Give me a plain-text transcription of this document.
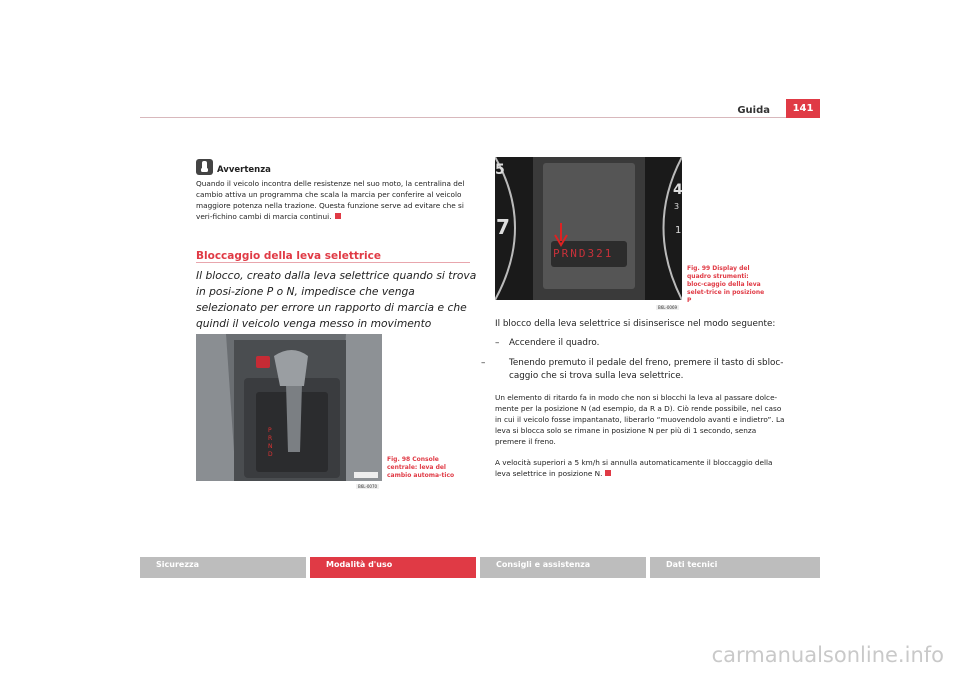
Guida	141
Avvertenza
Quando il veicolo incontra delle resistenze nel suo moto, la centralina del cambio attiva un programma che scala la marcia per conferire al veicolo maggiore potenza nella trazione. Questa funzione serve ad evitare che si veri-fichino cambi di marcia continui.
Bloccaggio della leva selettrice
Il blocco, creato dalla leva selettrice quando si trova in posi-zione P o N, impedisce che venga selezionato per errore un rapporto di marcia e che quindi il veicolo venga messo in movimento
P
R
N
D
Fig. 98 Console centrale: leva del cambio automa-tico
B6L-0070
5
7
4
3
1
PRND321
Fig. 99 Display del quadro strumenti: bloc-caggio della leva selet-trice in posizione P
B6L-0069
Il blocco della leva selettrice si disinserisce nel modo seguente:
– Accendere il quadro.
–	Tenendo premuto il pedale del freno, premere il tasto di sbloc-caggio che si trova sulla leva selettrice.
Un elemento di ritardo fa in modo che non si blocchi la leva al passare dolce-mente per la posizione N (ad esempio, da R a D). Ciò rende possibile, nel caso in cui il veicolo fosse impantanato, liberarlo “muovendolo avanti e indietro”. La leva si blocca solo se rimane in posizione N per più di 1 secondo, senza premere il freno.
A velocità superiori a 5 km/h si annulla automaticamente il bloccaggio della leva selettrice in posizione N.
Sicurezza	Modalità d'uso	Consigli e assistenza	Dati tecnici
carmanualsonline.info
